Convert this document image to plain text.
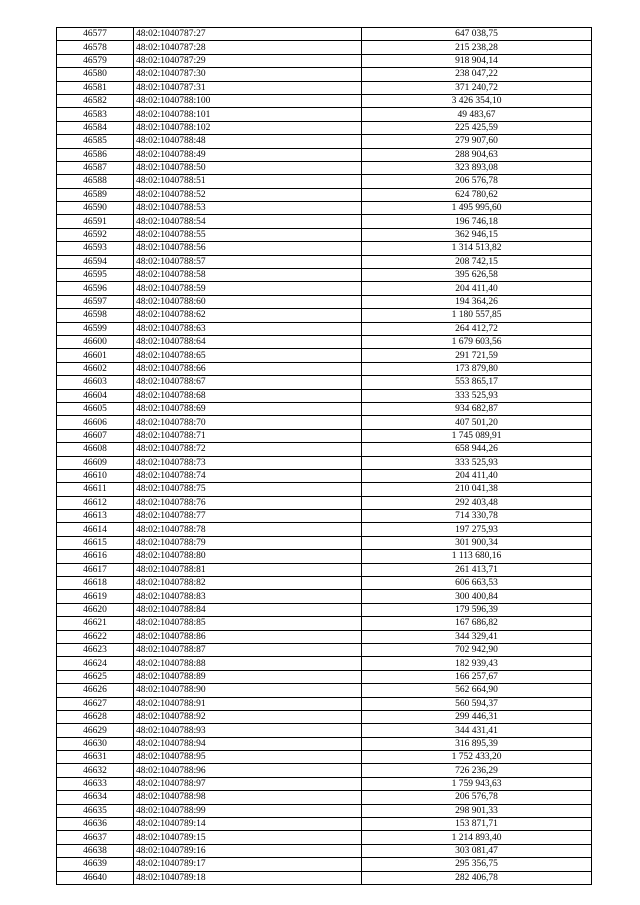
46577	48:02:1040787:27	647 038,75
46578	48:02:1040787:28	215 238,28
46579	48:02:1040787:29	918 904,14
46580	48:02:1040787:30	238 047,22
46581	48:02:1040787:31	371 240,72
46582	48:02:1040788:100	3 426 354,10
46583	48:02:1040788:101	49 483,67
46584	48:02:1040788:102	225 425,59
46585	48:02:1040788:48	279 907,60
46586	48:02:1040788:49	288 904,63
46587	48:02:1040788:50	323 893,08
46588	48:02:1040788:51	206 576,78
46589	48:02:1040788:52	624 780,62
46590	48:02:1040788:53	1 495 995,60
46591	48:02:1040788:54	196 746,18
46592	48:02:1040788:55	362 946,15
46593	48:02:1040788:56	1 314 513,82
46594	48:02:1040788:57	208 742,15
46595	48:02:1040788:58	395 626,58
46596	48:02:1040788:59	204 411,40
46597	48:02:1040788:60	194 364,26
46598	48:02:1040788:62	1 180 557,85
46599	48:02:1040788:63	264 412,72
46600	48:02:1040788:64	1 679 603,56
46601	48:02:1040788:65	291 721,59
46602	48:02:1040788:66	173 879,80
46603	48:02:1040788:67	553 865,17
46604	48:02:1040788:68	333 525,93
46605	48:02:1040788:69	934 682,87
46606	48:02:1040788:70	407 501,20
46607	48:02:1040788:71	1 745 089,91
46608	48:02:1040788:72	658 944,26
46609	48:02:1040788:73	333 525,93
46610	48:02:1040788:74	204 411,40
46611	48:02:1040788:75	210 041,38
46612	48:02:1040788:76	292 403,48
46613	48:02:1040788:77	714 330,78
46614	48:02:1040788:78	197 275,93
46615	48:02:1040788:79	301 900,34
46616	48:02:1040788:80	1 113 680,16
46617	48:02:1040788:81	261 413,71
46618	48:02:1040788:82	606 663,53
46619	48:02:1040788:83	300 400,84
46620	48:02:1040788:84	179 596,39
46621	48:02:1040788:85	167 686,82
46622	48:02:1040788:86	344 329,41
46623	48:02:1040788:87	702 942,90
46624	48:02:1040788:88	182 939,43
46625	48:02:1040788:89	166 257,67
46626	48:02:1040788:90	562 664,90
46627	48:02:1040788:91	560 594,37
46628	48:02:1040788:92	299 446,31
46629	48:02:1040788:93	344 431,41
46630	48:02:1040788:94	316 895,39
46631	48:02:1040788:95	1 752 433,20
46632	48:02:1040788:96	726 236,29
46633	48:02:1040788:97	1 759 943,63
46634	48:02:1040788:98	206 576,78
46635	48:02:1040788:99	298 901,33
46636	48:02:1040789:14	153 871,71
46637	48:02:1040789:15	1 214 893,40
46638	48:02:1040789:16	303 081,47
46639	48:02:1040789:17	295 356,75
46640	48:02:1040789:18	282 406,78
